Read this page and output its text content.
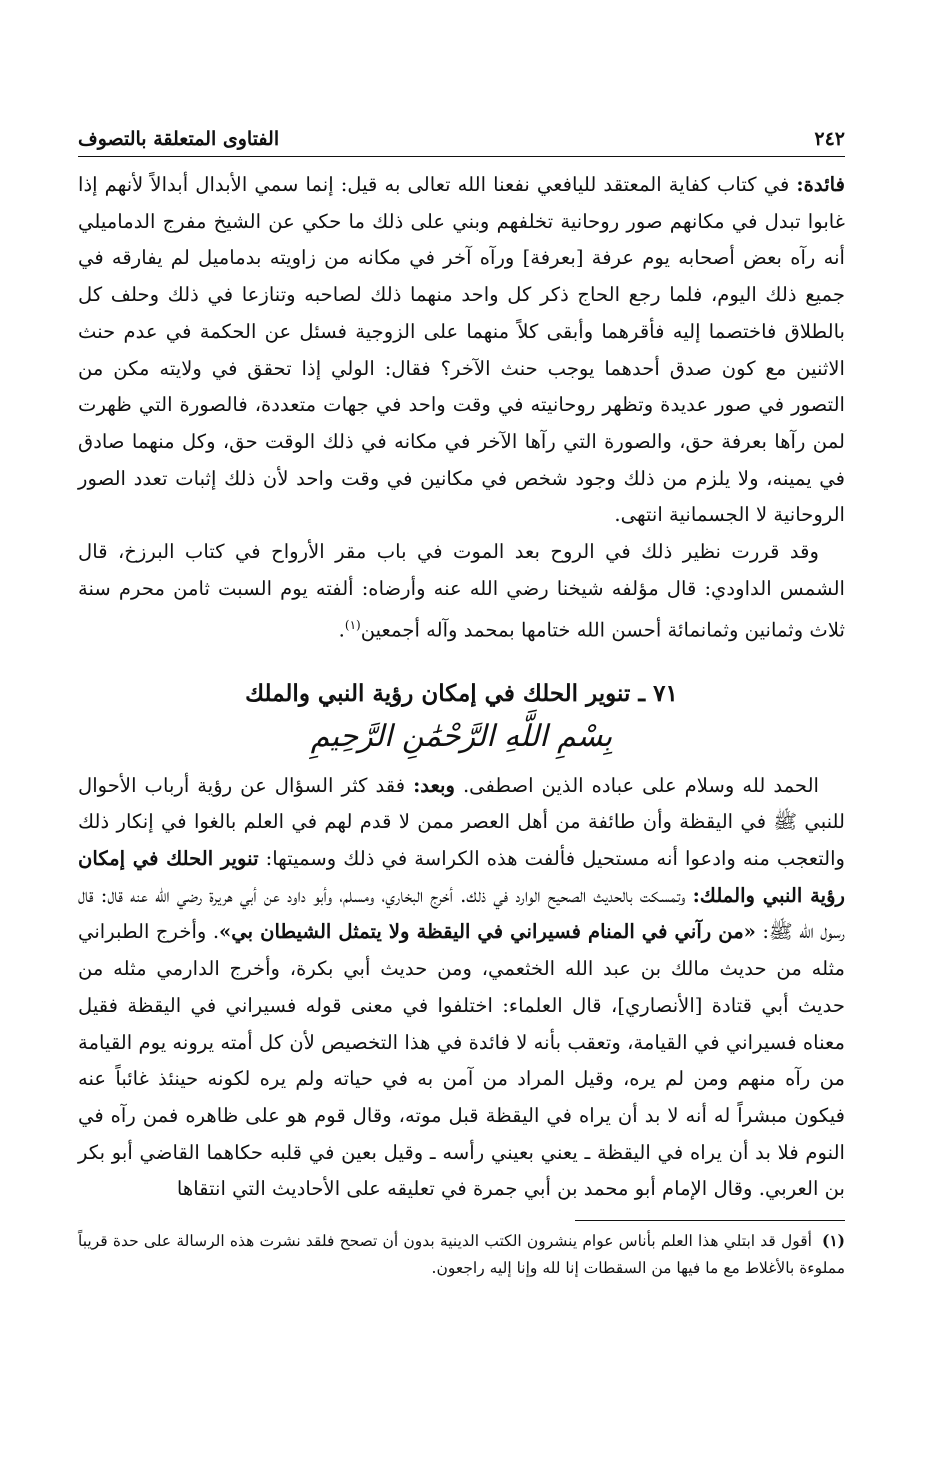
٢٤٢
الفتاوى المتعلقة بالتصوف

فائدة: في كتاب كفاية المعتقد لليافعي نفعنا الله تعالى به قيل: إنما سمي الأبدال أبدالاً لأنهم إذا غابوا تبدل في مكانهم صور روحانية تخلفهم وبني على ذلك ما حكي عن الشيخ مفرج الدماميلي أنه رآه بعض أصحابه يوم عرفة [بعرفة] ورآه آخر في مكانه من زاويته بدماميل لم يفارقه في جميع ذلك اليوم، فلما رجع الحاج ذكر كل واحد منهما ذلك لصاحبه وتنازعا في ذلك وحلف كل بالطلاق فاختصما إليه فأقرهما وأبقى كلاً منهما على الزوجية فسئل عن الحكمة في عدم حنث الاثنين مع كون صدق أحدهما يوجب حنث الآخر؟ فقال: الولي إذا تحقق في ولايته مكن من التصور في صور عديدة وتظهر روحانيته في وقت واحد في جهات متعددة، فالصورة التي ظهرت لمن رآها بعرفة حق، والصورة التي رآها الآخر في مكانه في ذلك الوقت حق، وكل منهما صادق في يمينه، ولا يلزم من ذلك وجود شخص في مكانين في وقت واحد لأن ذلك إثبات تعدد الصور الروحانية لا الجسمانية انتهى.

وقد قررت نظير ذلك في الروح بعد الموت في باب مقر الأرواح في كتاب البرزخ، قال الشمس الداودي: قال مؤلفه شيخنا رضي الله عنه وأرضاه: ألفته يوم السبت ثامن محرم سنة ثلاث وثمانين وثمانمائة أحسن الله ختامها بمحمد وآله أجمعين$^{(١)}$.

٧١ ـ تنوير الحلك في إمكان رؤية النبي والملك
بِسْمِ اللَّهِ الرَّحْمَٰنِ الرَّحِيمِ

الحمد لله وسلام على عباده الذين اصطفى. وبعد: فقد كثر السؤال عن رؤية أرباب الأحوال للنبي ﷺ في اليقظة وأن طائفة من أهل العصر ممن لا قدم لهم في العلم بالغوا في إنكار ذلك والتعجب منه وادعوا أنه مستحيل فألفت هذه الكراسة في ذلك وسميتها: تنوير الحلك في إمكان رؤية النبي والملك: وتمسكت بالحديث الصحيح الوارد في ذلك. أخرج البخاري، ومسلم، وأبو داود عن أبي هريرة رضي الله عنه قال: قال رسول الله ﷺ: «من رآني في المنام فسيراني في اليقظة ولا يتمثل الشيطان بي». وأخرج الطبراني مثله من حديث مالك بن عبد الله الخثعمي، ومن حديث أبي بكرة، وأخرج الدارمي مثله من حديث أبي قتادة [الأنصاري]، قال العلماء: اختلفوا في معنى قوله فسيراني في اليقظة فقيل معناه فسيراني في القيامة، وتعقب بأنه لا فائدة في هذا التخصيص لأن كل أمته يرونه يوم القيامة من رآه منهم ومن لم يره، وقيل المراد من آمن به في حياته ولم يره لكونه حينئذ غائباً عنه فيكون مبشراً له أنه لا بد أن يراه في اليقظة قبل موته، وقال قوم هو على ظاهره فمن رآه في النوم فلا بد أن يراه في اليقظة ـ يعني بعيني رأسه ـ وقيل بعين في قلبه حكاهما القاضي أبو بكر بن العربي. وقال الإمام أبو محمد بن أبي جمرة في تعليقه على الأحاديث التي انتقاها

(١)أقول قد ابتلي هذا العلم بأناس عوام ينشرون الكتب الدينية بدون أن تصحح فلقد نشرت هذه الرسالة على حدة قريباً مملوءة بالأغلاط مع ما فيها من السقطات إنا لله وإنا إليه راجعون.
